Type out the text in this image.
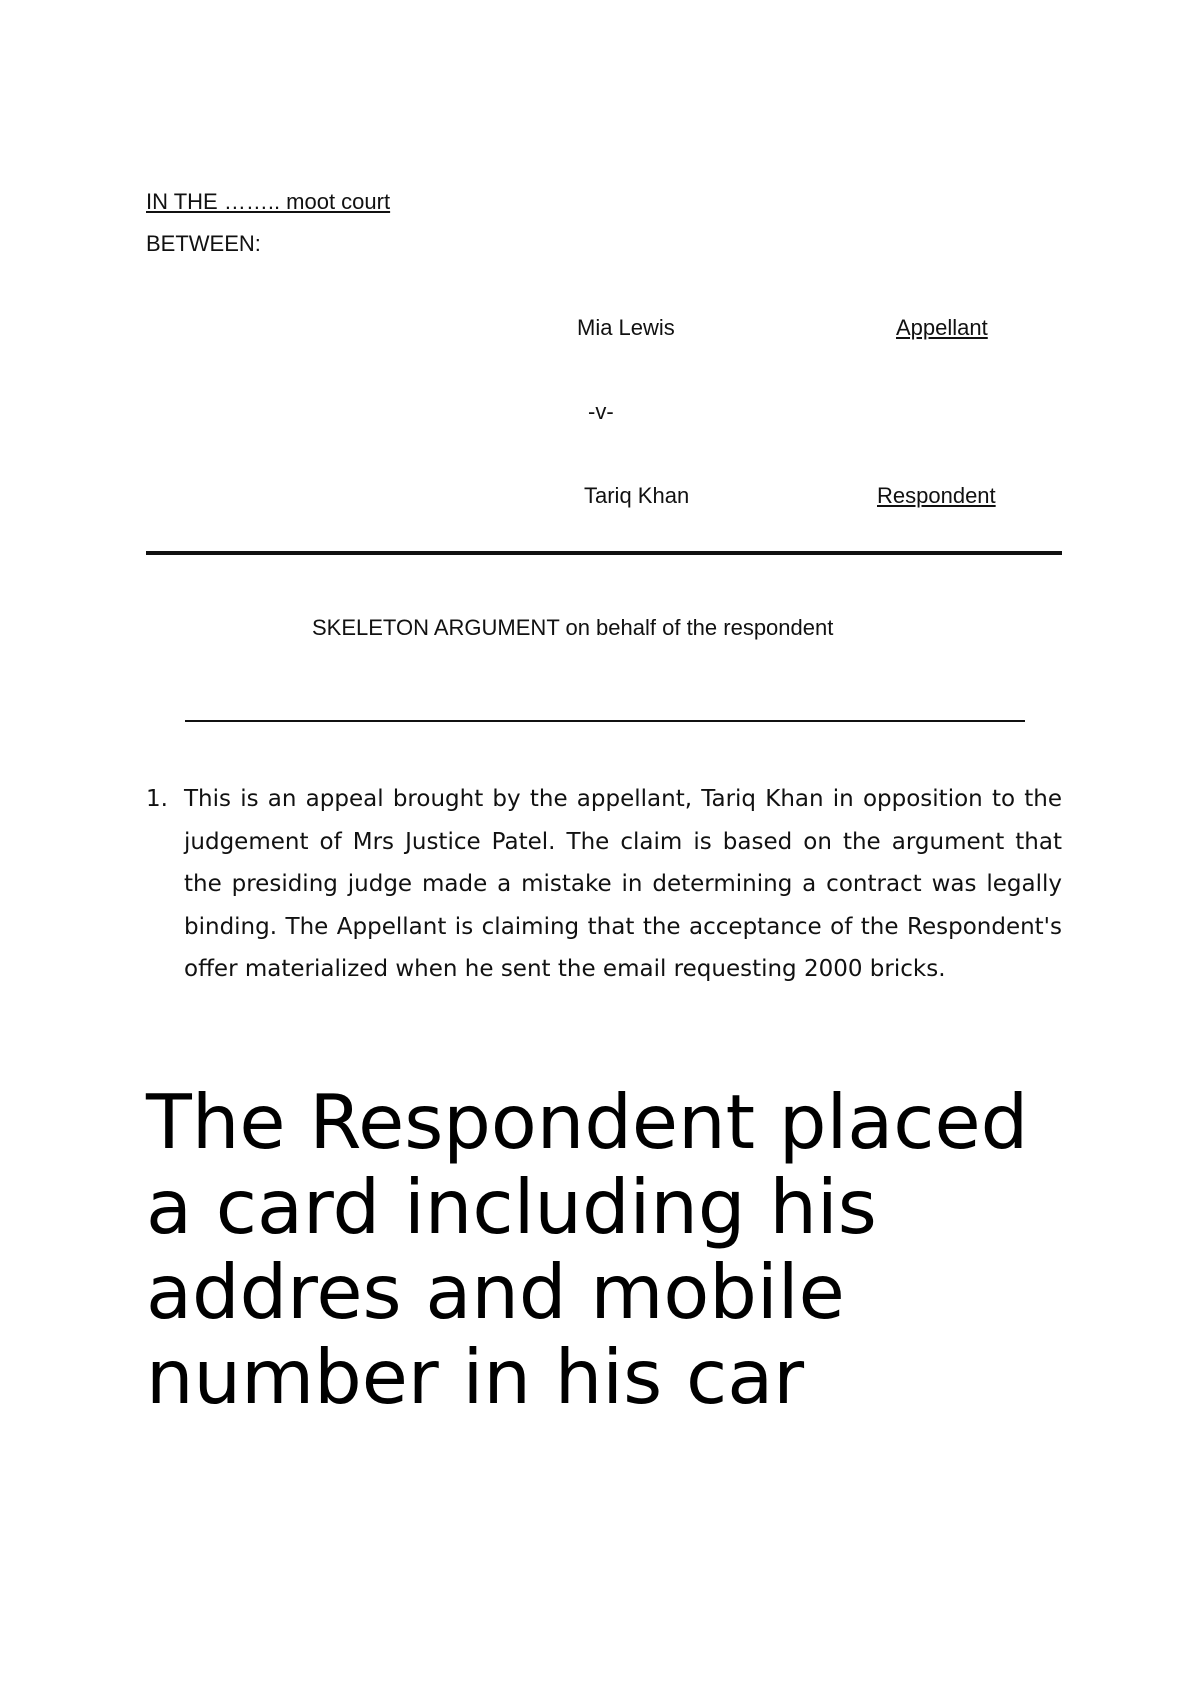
IN THE …….. moot court
BETWEEN:
Mia Lewis	Appellant
-v-
Tariq Khan	Respondent
SKELETON ARGUMENT on behalf of the respondent
1. This is an appeal brought by the appellant, Tariq Khan in opposition to the judgement of Mrs Justice Patel. The claim is based on the argument that the presiding judge made a mistake in determining a contract was legally binding. The Appellant is claiming that the acceptance of the Respondent's offer materialized when he sent the email requesting 2000 bricks.
The Respondent placed a card including his addres and mobile number in his car
